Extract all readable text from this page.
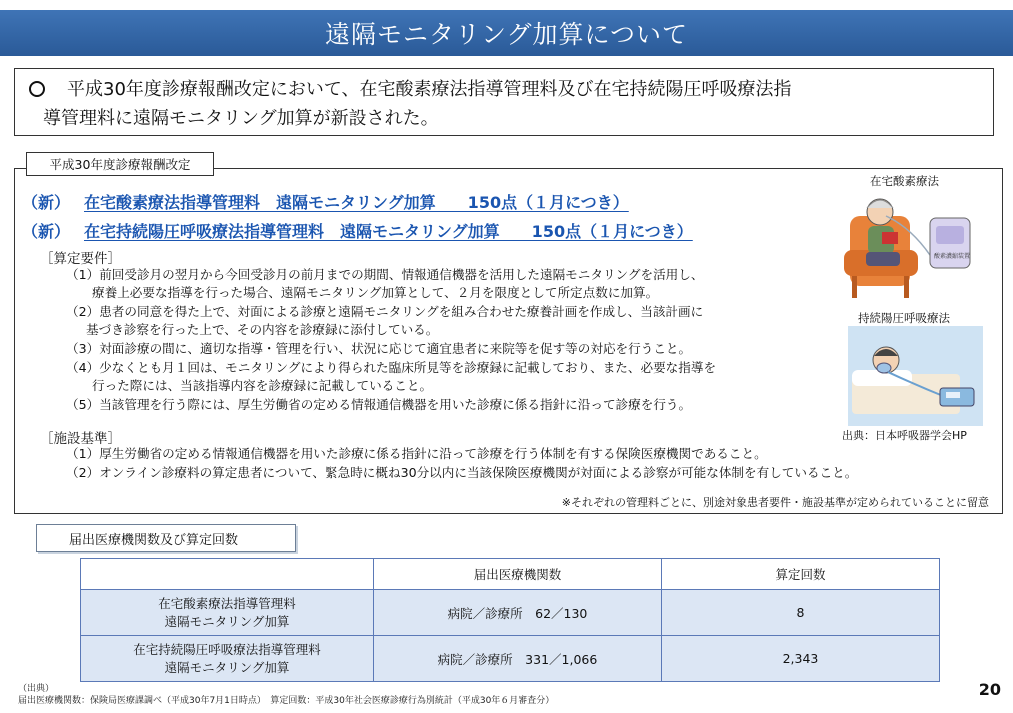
遠隔モニタリング加算について
平成30年度診療報酬改定において、在宅酸素療法指導管理料及び在宅持続陽圧呼吸療法指
導管理料に遠隔モニタリング加算が新設された。
平成30年度診療報酬改定
（新） 在宅酸素療法指導管理料　遠隔モニタリング加算　　150点（１月につき）
（新） 在宅持続陽圧呼吸療法指導管理料　遠隔モニタリング加算　　150点（１月につき）
［算定要件］
（1）前回受診月の翌月から今回受診月の前月までの期間、情報通信機器を活用した遠隔モニタリングを活用し、
療養上必要な指導を行った場合、遠隔モニタリング加算として、２月を限度として所定点数に加算。
（2）患者の同意を得た上で、対面による診療と遠隔モニタリングを組み合わせた療養計画を作成し、当該計画に
基づき診察を行った上で、その内容を診療録に添付している。
（3）対面診療の間に、適切な指導・管理を行い、状況に応じて適宜患者に来院等を促す等の対応を行うこと。
（4）少なくとも月１回は、モニタリングにより得られた臨床所見等を診療録に記載しており、また、必要な指導を
行った際には、当該指導内容を診療録に記載していること。
（5）当該管理を行う際には、厚生労働省の定める情報通信機器を用いた診療に係る指針に沿って診療を行う。
［施設基準］
（1）厚生労働省の定める情報通信機器を用いた診療に係る指針に沿って診療を行う体制を有する保険医療機関であること。
（2）オンライン診療料の算定患者について、緊急時に概ね30分以内に当該保険医療機関が対面による診察が可能な体制を有していること。
※それぞれの管理料ごとに、別途対象患者要件・施設基準が定められていることに留意
在宅酸素療法
酸素濃縮装置
持続陽圧呼吸療法
出典：日本呼吸器学会HP
届出医療機関数及び算定回数
	届出医療機関数	算定回数

在宅酸素療法指導管理料
遠隔モニタリング加算	病院／診療所　62／130	8

在宅持続陽圧呼吸療法指導管理料
遠隔モニタリング加算	病院／診療所　331／1,066	2,343
（出典）
届出医療機関数：保険局医療課調べ（平成30年7月1日時点）　算定回数：平成30年社会医療診療行為別統計（平成30年６月審査分）
20
